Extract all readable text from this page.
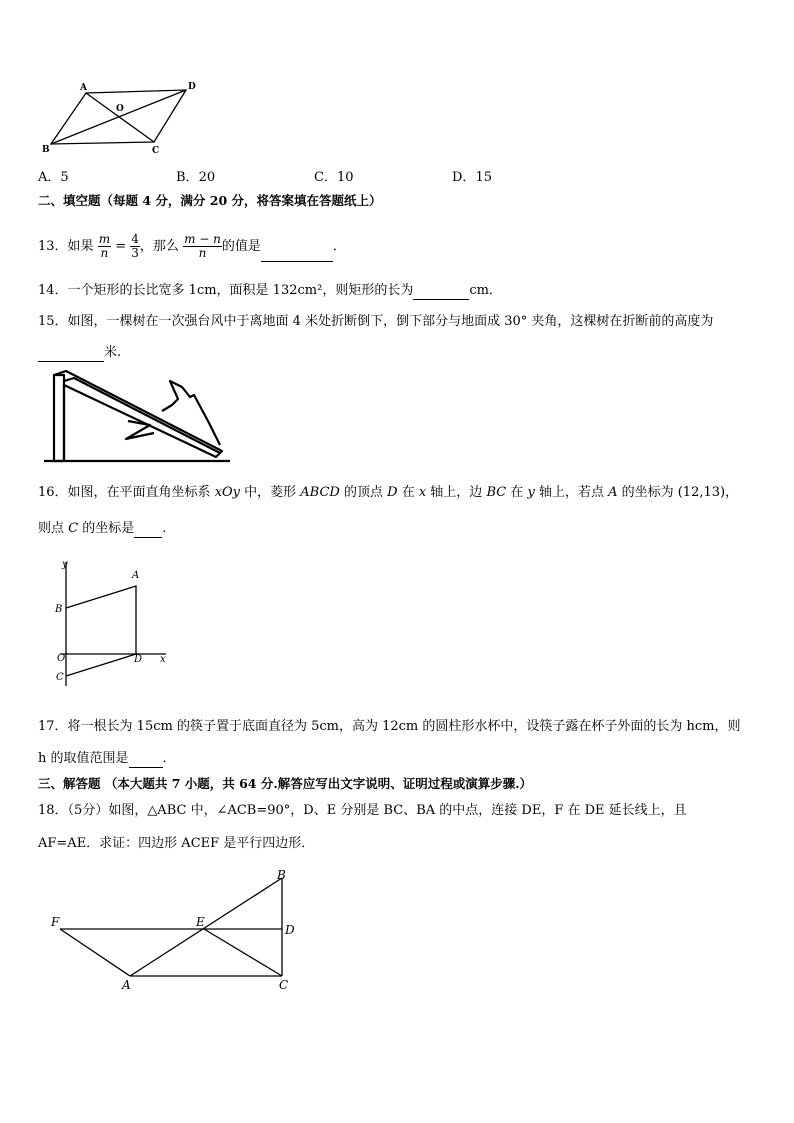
A	D
O
B	C
A．5	B．20	C．10	D．15
二、填空题（每题 4 分，满分 20 分，将答案填在答题纸上）
13．如果 $\frac{m}{n} = \frac{4}{3}$ ，那么 $\frac{m - n}{n}$ 的值是	．
14．一个矩形的长比宽多 1cm，面积是 132cm²，则矩形的长为	cm．
15．如图，一棵树在一次强台风中于离地面 4 米处折断倒下，倒下部分与地面成 30° 夹角，这棵树在折断前的高度为
米.
16．如图，在平面直角坐标系 xOy 中，菱形 ABCD 的顶点 D 在 x 轴上，边 BC 在 y 轴上，若点 A 的坐标为 (12,13)，
则点 C 的坐标是 .
y
A
B
O	D x
C
17．将一根长为 15cm 的筷子置于底面直径为 5cm，高为 12cm 的圆柱形水杯中，设筷子露在杯子外面的长为 hcm，则
h 的取值范围是	．
三、解答题 （本大题共 7 小题，共 64 分.解答应写出文字说明、证明过程或演算步骤.）
18．（5分）如图，△ABC 中，∠ACB=90°，D、E 分别是 BC、BA 的中点，连接 DE，F 在 DE 延长线上，且
AF=AE．求证：四边形 ACEF 是平行四边形．
B
F	E
D
A	C
